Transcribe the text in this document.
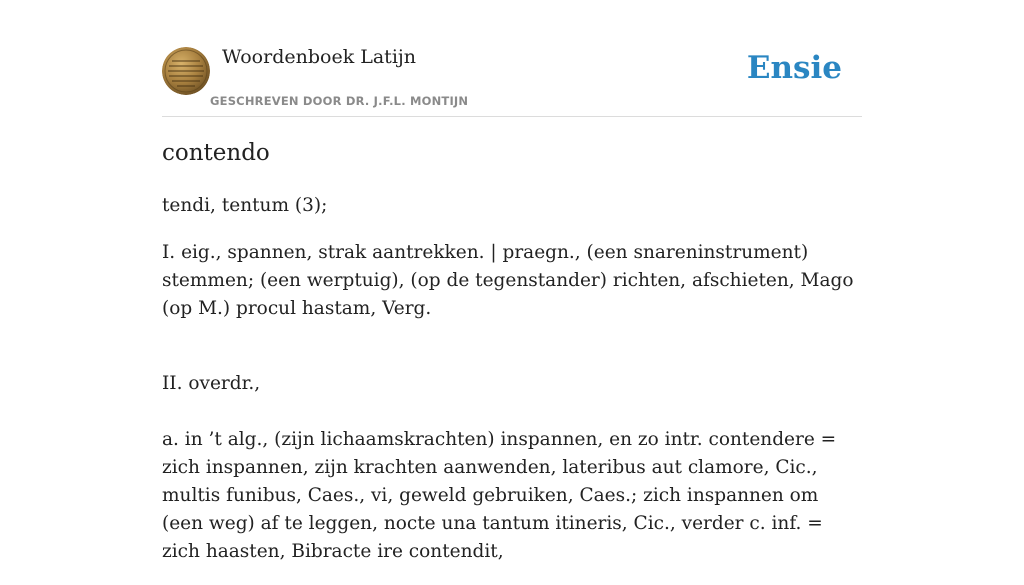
Woordenboek Latijn
GESCHREVEN DOOR DR. J.F.L. MONTIJN
Ensie
contendo

tendi, tentum (3);

I. eig., spannen, strak aantrekken. | praegn., (een snareninstrument) stemmen; (een werptuig), (op de tegenstander) richten, afschieten, Mago (op M.) procul hastam, Verg.

II. overdr.,

a. in ’t alg., (zijn lichaamskrachten) inspannen, en zo intr. contendere = zich inspannen, zijn krachten aanwenden, lateribus aut clamore, Cic., multis funibus, Caes., vi, geweld gebruiken, Caes.; zich inspannen om (een weg) af te leggen, nocte una tantum itineris, Cic., verder c. inf. = zich haasten, Bibracte ire contendit,
